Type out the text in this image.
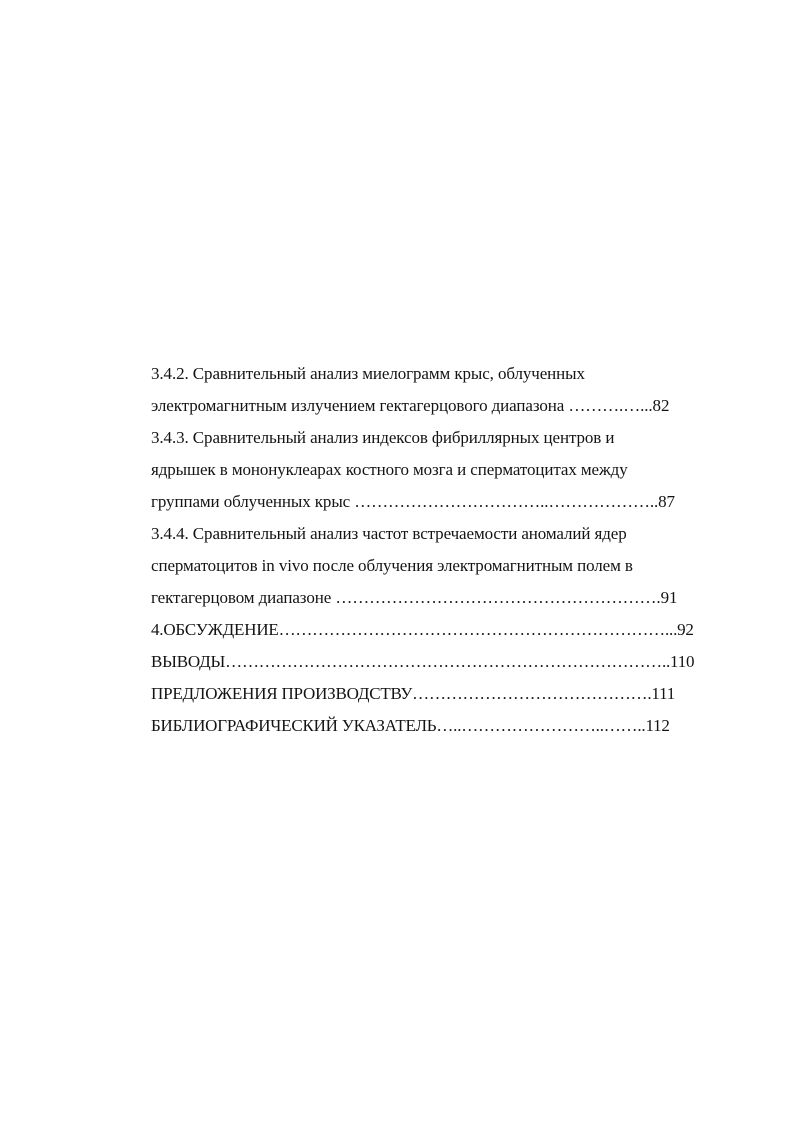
3.4.2. Сравнительный анализ миелограмм крыс, облученных
электромагнитным излучением гектагерцового диапазона ……….…...82
3.4.3. Сравнительный анализ индексов фибриллярных центров и
ядрышек в мононуклеарах костного мозга и сперматоцитах между
группами облученных крыс ……………………………..………………..87
3.4.4. Сравнительный анализ частот встречаемости аномалий ядер
сперматоцитов in vivo после облучения электромагнитным полем в
гектагерцовом диапазоне ………………………………………………….91
4.ОБСУЖДЕНИЕ……………………………………………………………...92
ВЫВОДЫ……………………………………………………………………..110
ПРЕДЛОЖЕНИЯ ПРОИЗВОДСТВУ…………………………………….111
БИБЛИОГРАФИЧЕСКИЙ УКАЗАТЕЛЬ…..……………………..……..112
